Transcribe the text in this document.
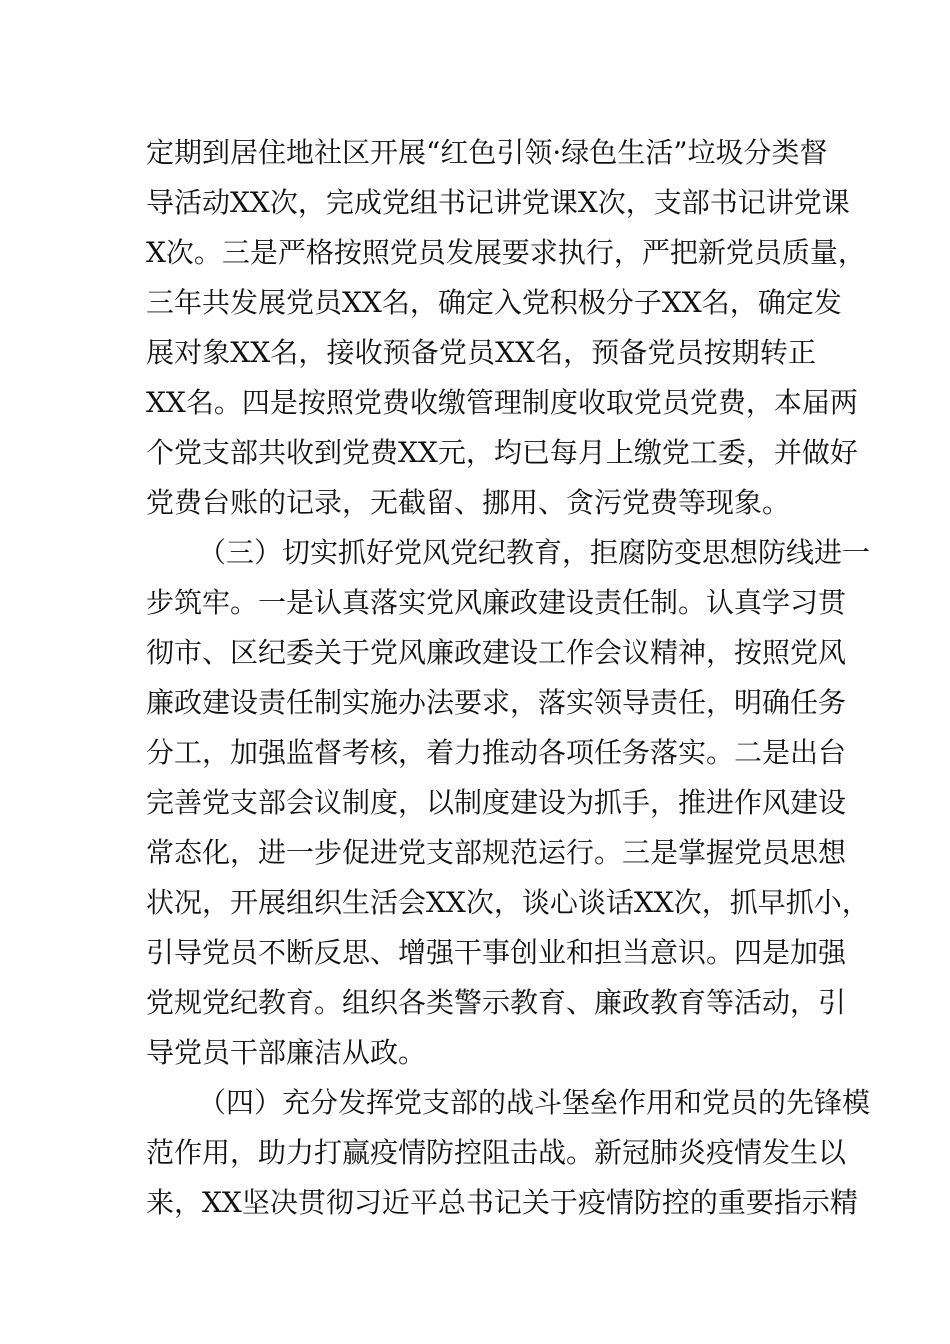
定期到居住地社区开展“红色引领·绿色生活”垃圾分类督
导活动XX次，完成党组书记讲党课X次，支部书记讲党课
X次。三是严格按照党员发展要求执行，严把新党员质量，
三年共发展党员XX名，确定入党积极分子XX名，确定发
展对象XX名，接收预备党员XX名，预备党员按期转正
XX名。四是按照党费收缴管理制度收取党员党费，本届两
个党支部共收到党费XX元，均已每月上缴党工委，并做好
党费台账的记录，无截留、挪用、贪污党费等现象。
（三）切实抓好党风党纪教育，拒腐防变思想防线进一
步筑牢。一是认真落实党风廉政建设责任制。认真学习贯
彻市、区纪委关于党风廉政建设工作会议精神，按照党风
廉政建设责任制实施办法要求，落实领导责任，明确任务
分工，加强监督考核，着力推动各项任务落实。二是出台
完善党支部会议制度，以制度建设为抓手，推进作风建设
常态化，进一步促进党支部规范运行。三是掌握党员思想
状况，开展组织生活会XX次，谈心谈话XX次，抓早抓小，
引导党员不断反思、增强干事创业和担当意识。四是加强
党规党纪教育。组织各类警示教育、廉政教育等活动，引
导党员干部廉洁从政。
（四）充分发挥党支部的战斗堡垒作用和党员的先锋模
范作用，助力打赢疫情防控阻击战。新冠肺炎疫情发生以
来，XX坚决贯彻习近平总书记关于疫情防控的重要指示精
